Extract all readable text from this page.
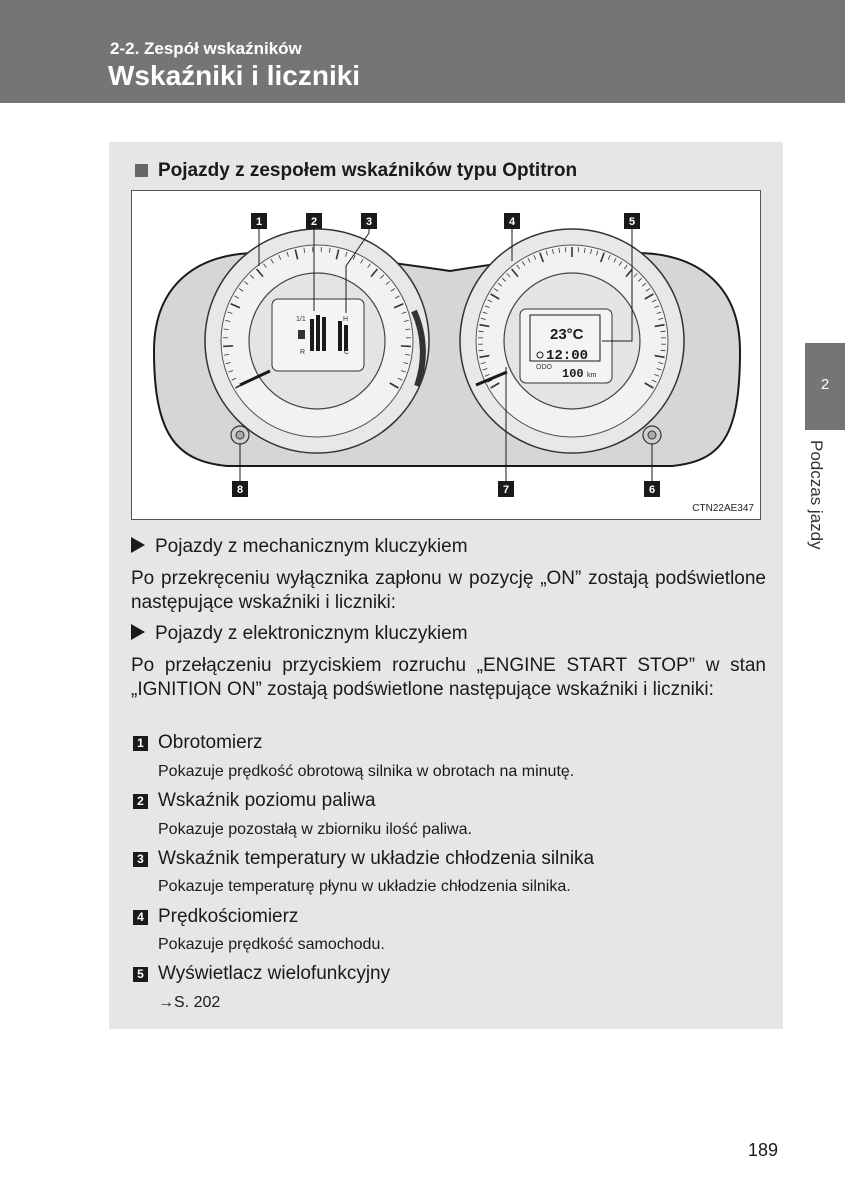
2-2. Zespół wskaźników
Wskaźniki i liczniki
2
Podczas jazdy
Pojazdy z zespołem wskaźników typu Optitron
1/1
R
H
C
23°C
12:00
ODO 100 km
1	2	3	4	5
6
7
8
CTN22AE347
Pojazdy z mechanicznym kluczykiem
Po przekręceniu wyłącznika zapłonu w pozycję „ON” zostają podświetlone następujące wskaźniki i liczniki:
Pojazdy z elektronicznym kluczykiem
Po przełączeniu przyciskiem rozruchu „ENGINE START STOP” w stan „IGNITION ON” zostają podświetlone następujące wskaźniki i liczniki:
1 Obrotomierz
Pokazuje prędkość obrotową silnika w obrotach na minutę.
2 Wskaźnik poziomu paliwa
Pokazuje pozostałą w zbiorniku ilość paliwa.
3 Wskaźnik temperatury w układzie chłodzenia silnika
Pokazuje temperaturę płynu w układzie chłodzenia silnika.
4 Prędkościomierz
Pokazuje prędkość samochodu.
5 Wyświetlacz wielofunkcyjny
→S. 202
189
